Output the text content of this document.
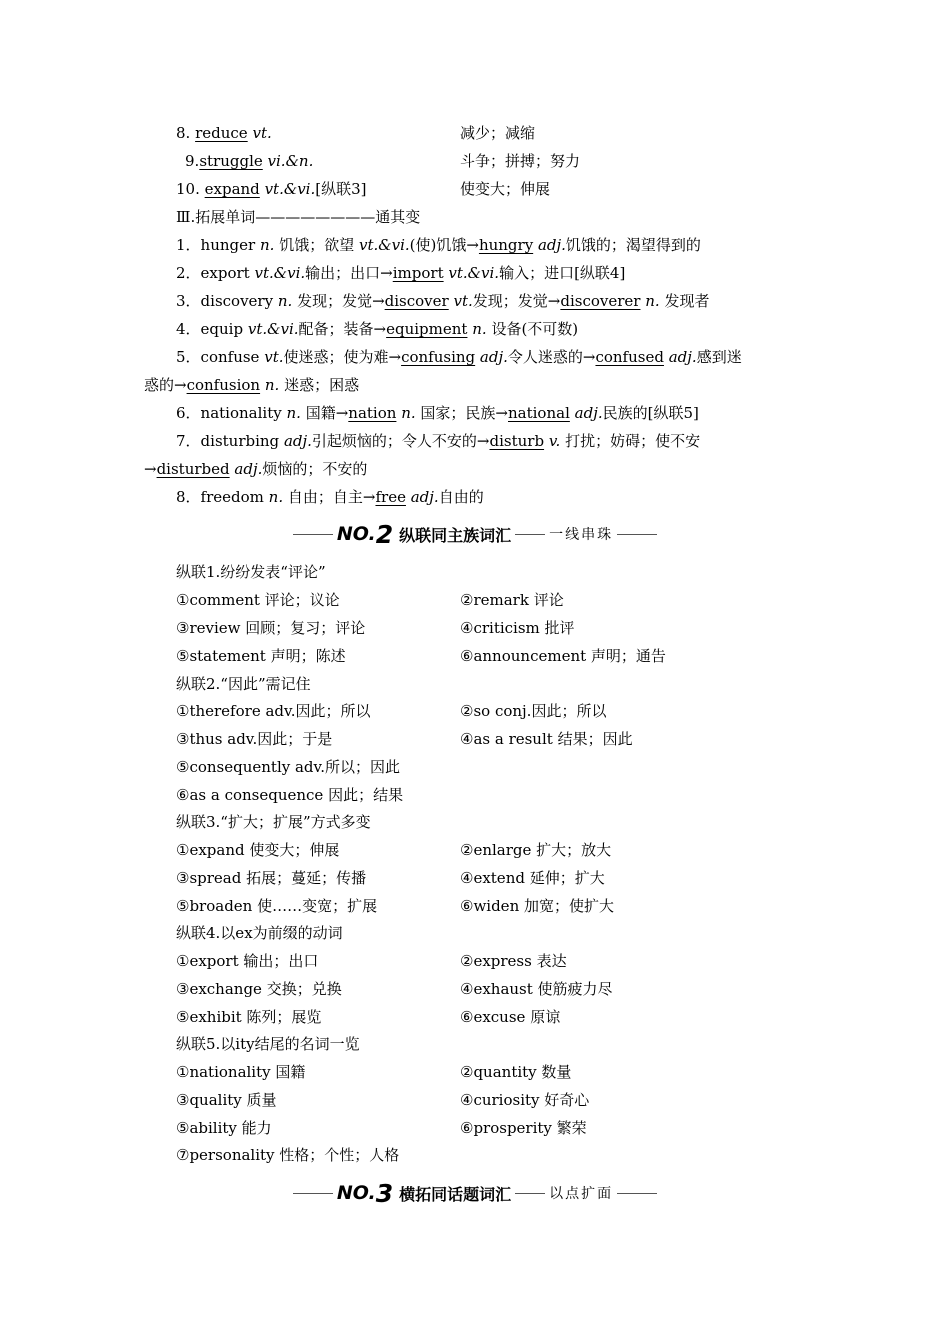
8. reduce vt.	减少；减缩
9.struggle vi.&n.	斗争；拼搏；努力
10. expand vt.&vi.[纵联3]	使变大；伸展
Ⅲ.拓展单词————————通其变
1．hunger n. 饥饿；欲望 vt.&vi.(使)饥饿→hungry adj.饥饿的；渴望得到的
2．export vt.&vi.输出；出口→import vt.&vi.输入；进口[纵联4]
3．discovery n. 发现；发觉→discover vt.发现；发觉→discoverer n. 发现者
4．equip vt.&vi.配备；装备→equipment n. 设备(不可数)
5．confuse vt.使迷惑；使为难→confusing adj.令人迷惑的→confused adj.感到迷
惑的→confusion n. 迷惑；困惑
6．nationality n. 国籍→nation n. 国家；民族→national adj.民族的[纵联5]
7．disturbing adj.引起烦恼的；令人不安的→disturb v. 打扰；妨碍；使不安
→disturbed adj.烦恼的；不安的
8．freedom n. 自由；自主→free adj.自由的
NO. 2 纵联同主族词汇	一线串珠
纵联1.纷纷发表“评论”
①comment 评论；议论	②remark 评论
③review 回顾；复习；评论	④criticism 批评
⑤statement 声明；陈述	⑥announcement 声明；通告
纵联2.“因此”需记住
①therefore adv.因此；所以	②so conj.因此；所以
③thus adv.因此；于是	④as a result 结果；因此
⑤consequently adv.所以；因此
⑥as a consequence 因此；结果
纵联3.“扩大；扩展”方式多变
①expand 使变大；伸展	②enlarge 扩大；放大
③spread 拓展；蔓延；传播	④extend 延伸；扩大
⑤broaden 使……变宽；扩展	⑥widen 加宽；使扩大
纵联4.以ex为前缀的动词
①export 输出；出口	②express 表达
③exchange 交换；兑换	④exhaust 使筋疲力尽
⑤exhibit 陈列；展览	⑥excuse 原谅
纵联5.以ity结尾的名词一览
①nationality 国籍	②quantity 数量
③quality 质量	④curiosity 好奇心
⑤ability 能力	⑥prosperity 繁荣
⑦personality 性格；个性；人格
NO. 3 横拓同话题词汇	以点扩面
